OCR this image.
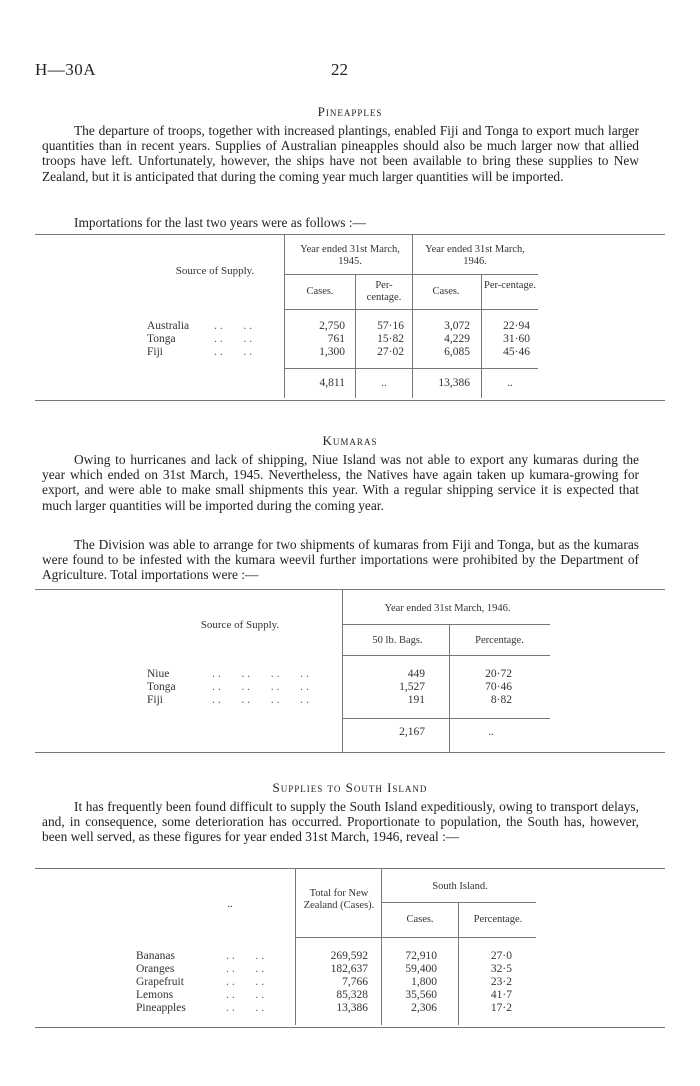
H—30A	22
Pineapples
The departure of troops, together with increased plantings, enabled Fiji and Tonga to export much larger quantities than in recent years. Supplies of Australian pineapples should also be much larger now that allied troops have left. Unfortunately, however, the ships have not been available to bring these supplies to New Zealand, but it is anticipated that during the coming year much larger quantities will be imported.
Importations for the last two years were as follows :—
Source of Supply.
Year ended 31st March, 1945.
Year ended 31st March, 1946.
Cases.
Per-centage.	Cases.
Per-centage.
Australia ..   ..	2,750	57·16	3,072	22·94
Tonga	..   ..	761	15·82	4,229	31·60
Fiji	..   ..	1,300	27·02	6,085	45·46
4,811	..	13,386	..
Kumaras
Owing to hurricanes and lack of shipping, Niue Island was not able to export any kumaras during the year which ended on 31st March, 1945. Nevertheless, the Natives have again taken up kumara-growing for export, and were able to make small shipments this year. With a regular shipping service it is expected that much larger quantities will be imported during the coming year.
The Division was able to arrange for two shipments of kumaras from Fiji and Tonga, but as the kumaras were found to be infested with the kumara weevil further importations were prohibited by the Department of Agriculture. Total importations were :—
Source of Supply.
Year ended 31st March, 1946.
50 lb. Bags.	Percentage.
Niue	..   ..   ..   ..	449	20·72
Tonga	..   ..   ..   ..	1,527	70·46
Fiji	..   ..   ..   ..	191	8·82
2,167	..
Supplies to South Island
It has frequently been found difficult to supply the South Island expeditiously, owing to transport delays, and, in consequence, some deterioration has occurred. Proportionate to population, the South has, however, been well served, as these figures for year ended 31st March, 1946, reveal :—
..
Total for New Zealand (Cases).
South Island.
Cases.	Percentage.
Bananas	..   ..	269,592	72,910	27·0
Oranges	..   ..	182,637	59,400	32·5
Grapefruit	..   ..	7,766	1,800	23·2
Lemons	..   ..	85,328	35,560	41·7
Pineapples	..   ..	13,386	2,306	17·2
